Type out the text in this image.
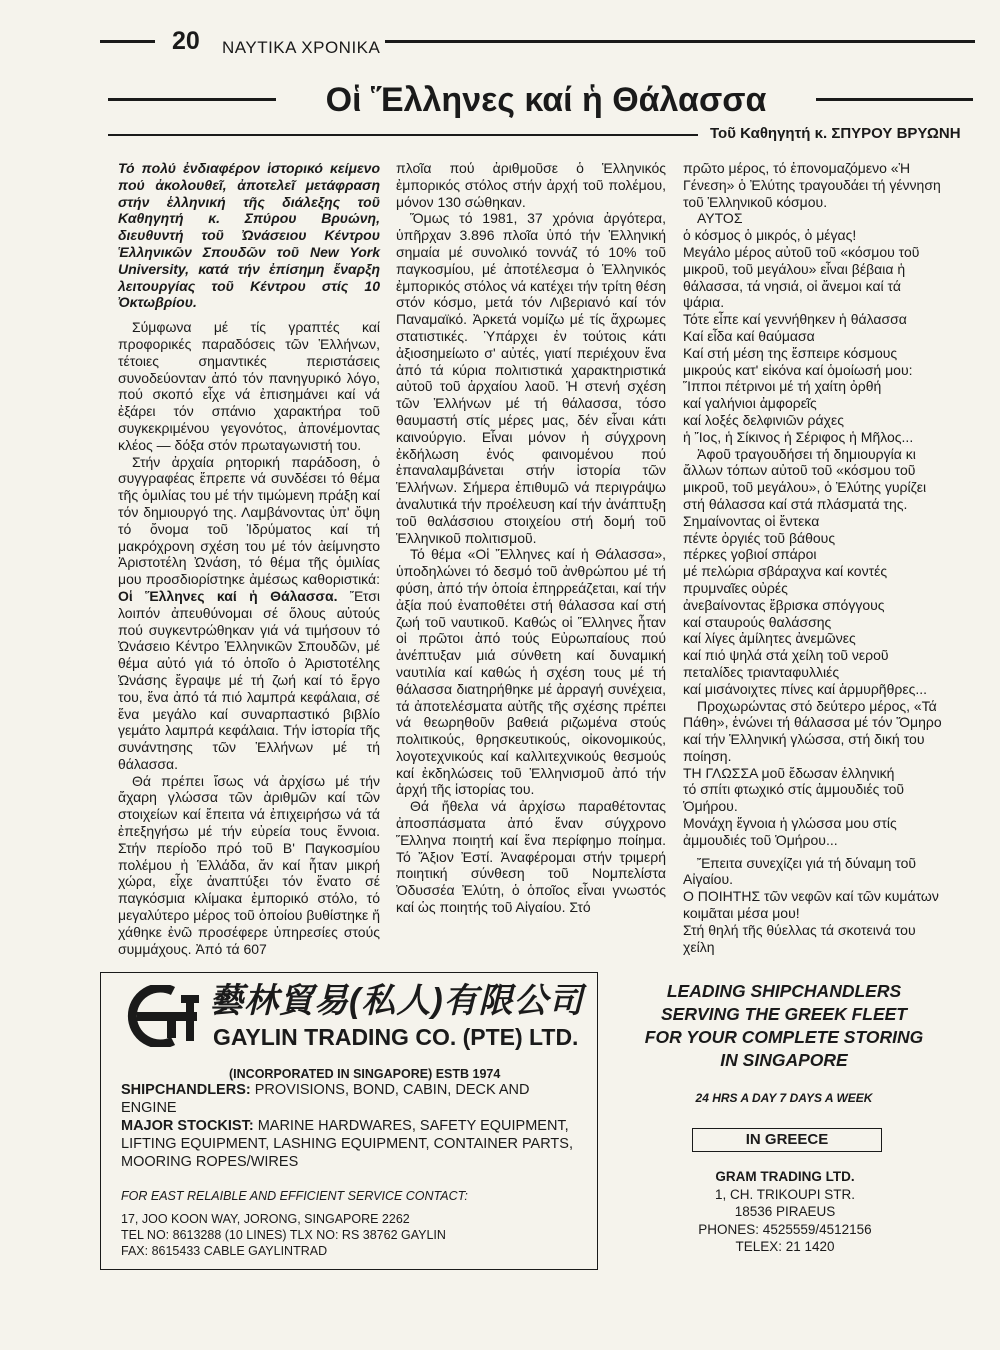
20 ΝΑΥΤΙΚΑ ΧΡΟΝΙΚΑ
Οἱ Ἕλληνες καί ἡ Θάλασσα
Τοῦ Καθηγητή κ. ΣΠΥΡΟΥ ΒΡΥΩΝΗ

Τό πολύ ἐνδιαφέρον ἱστορικό κείμενο πού ἀκολουθεῖ, ἀποτελεῖ μετάφραση στήν ἑλληνική τῆς διάλεξης τοῦ Καθηγητή κ. Σπύρου Βρυώνη, διευθυντή τοῦ Ὠνάσειου Κέντρου Ἑλληνικῶν Σπουδῶν τοῦ New York University, κατά τήν ἐπίσημη ἔναρξη λειτουργίας τοῦ Κέντρου στίς 10 Ὀκτωβρίου.

Σύμφωνα μέ τίς γραπτές καί προφορικές παραδόσεις τῶν Ἑλλήνων, τέτοιες σημαντικές περιστάσεις συνοδεύονταν ἀπό τόν πανηγυρικό λόγο, πού σκοπό εἶχε νά ἐπισημάνει καί νά ἐξάρει τόν σπάνιο χαρακτήρα τοῦ συγκεκριμένου γεγονότος, ἀπονέμοντας κλέος — δόξα στόν πρωταγωνιστή του.

Στήν ἀρχαία ρητορική παράδοση, ὁ συγγραφέας ἔπρεπε νά συνδέσει τό θέμα τῆς ὁμιλίας του μέ τήν τιμώμενη πράξη καί τόν δημιουργό της. Λαμβάνοντας ὑπ' ὄψη τό ὄνομα τοῦ Ἱδρύματος καί τή μακρόχρονη σχέση του μέ τόν ἀείμνηστο Ἀριστοτέλη Ὠνάση, τό θέμα τῆς ὁμιλίας μου προσδιορίστηκε ἀμέσως καθοριστικά: Οἱ Ἕλληνες καί ἡ Θάλασσα. Ἔτσι λοιπόν ἀπευθύνομαι σέ ὅλους αὐτούς πού συγκεντρώθηκαν γιά νά τιμήσουν τό Ὠνάσειο Κέντρο Ἑλληνικῶν Σπουδῶν, μέ θέμα αὐτό γιά τό ὁποῖο ὁ Ἀριστοτέλης Ὠνάσης ἔγραψε μέ τή ζωή καί τό ἔργο του, ἕνα ἀπό τά πιό λαμπρά κεφάλαια, σέ ἕνα μεγάλο καί συναρπαστικό βιβλίο γεμάτο λαμπρά κεφάλαια. Τήν ἱστορία τῆς συνάντησης τῶν Ἑλλήνων μέ τή θάλασσα.

Θά πρέπει ἴσως νά ἀρχίσω μέ τήν ἄχαρη γλώσσα τῶν ἀριθμῶν καί τῶν στοιχείων καί ἔπειτα νά ἐπιχειρήσω νά τά ἐπεξηγήσω μέ τήν εὐρεία τους ἔννοια. Στήν περίοδο πρό τοῦ Β' Παγκοσμίου πολέμου ἡ Ἑλλάδα, ἄν καί ἦταν μικρή χώρα, εἶχε ἀναπτύξει τόν ἔνατο σέ παγκόσμια κλίμακα ἐμπορικό στόλο, τό μεγαλύτερο μέρος τοῦ ὁποίου βυθίστηκε ἤ χάθηκε ἐνῶ προσέφερε ὑπηρεσίες στούς συμμάχους. Ἀπό τά 607

πλοῖα πού ἀριθμοῦσε ὁ Ἑλληνικός ἐμπορικός στόλος στήν ἀρχή τοῦ πολέμου, μόνον 130 σώθηκαν.

Ὅμως τό 1981, 37 χρόνια ἀργότερα, ὑπῆρχαν 3.896 πλοῖα ὑπό τήν Ἑλληνική σημαία μέ συνολικό τοννάζ τό 10% τοῦ παγκοσμίου, μέ ἀποτέλεσμα ὁ Ἑλληνικός ἐμπορικός στόλος νά κατέχει τήν τρίτη θέση στόν κόσμο, μετά τόν Λιβεριανό καί τόν Παναμαϊκό. Ἀρκετά νομίζω μέ τίς ἄχρωμες στατιστικές. Ὑπάρχει ἐν τούτοις κάτι ἀξιοσημείωτο σ' αὐτές, γιατί περιέχουν ἕνα ἀπό τά κύρια πολιτιστικά χαρακτηριστικά αὐτοῦ τοῦ ἀρχαίου λαοῦ. Ἡ στενή σχέση τῶν Ἑλλήνων μέ τή θάλασσα, τόσο θαυμαστή στίς μέρες μας, δέν εἶναι κάτι καινούργιο. Εἶναι μόνον ἡ σύγχρονη ἐκδήλωση ἑνός φαινομένου πού ἐπαναλαμβάνεται στήν ἱστορία τῶν Ἑλλήνων. Σήμερα ἐπιθυμῶ νά περιγράψω ἀναλυτικά τήν προέλευση καί τήν ἀνάπτυξη τοῦ θαλάσσιου στοιχείου στή δομή τοῦ Ἑλληνικοῦ πολιτισμοῦ.

Τό θέμα «Οἱ Ἕλληνες καί ἡ Θάλασσα», ὑποδηλώνει τό δεσμό τοῦ ἀνθρώπου μέ τή φύση, ἀπό τήν ὁποία ἐπηρρεάζεται, καί τήν ἀξία πού ἐναποθέτει στή θάλασσα καί στή ζωή τοῦ ναυτικοῦ. Καθώς οἱ Ἕλληνες ἦταν οἱ πρῶτοι ἀπό τούς Εὐρωπαίους πού ἀνέπτυξαν μιά σύνθετη καί δυναμική ναυτιλία καί καθώς ἡ σχέση τους μέ τή θάλασσα διατηρήθηκε μέ ἀρραγή συνέχεια, τά ἀποτελέσματα αὐτῆς τῆς σχέσης πρέπει νά θεωρηθοῦν βαθειά ριζωμένα στούς πολιτικούς, θρησκευτικούς, οἰκονομικούς, λογοτεχνικούς καί καλλιτεχνικούς θεσμούς καί ἐκδηλώσεις τοῦ Ἑλληνισμοῦ ἀπό τήν ἀρχή τῆς ἱστορίας του.

Θά ἤθελα νά ἀρχίσω παραθέτοντας ἀποσπάσματα ἀπό ἕναν σύγχρονο Ἕλληνα ποιητή καί ἕνα περίφημο ποίημα. Τό Ἄξιον Ἐστί. Ἀναφέρομαι στήν τριμερή ποιητική σύνθεση τοῦ Νομπελίστα Ὀδυσσέα Ἐλύτη, ὁ ὁποῖος εἶναι γνωστός καί ὡς ποιητής τοῦ Αἰγαίου. Στό

πρῶτο μέρος, τό ἐπονομαζόμενο «Ἡ Γένεση» ὁ Ἐλύτης τραγουδάει τή γέννηση τοῦ Ἑλληνικοῦ κόσμου.

ΑΥΤΟΣ
ὁ κόσμος ὁ μικρός, ὁ μέγας!
Μεγάλο μέρος αὐτοῦ τοῦ «κόσμου τοῦ μικροῦ, τοῦ μεγάλου» εἶναι βέβαια ἡ θάλασσα, τά νησιά, οἱ ἄνεμοι καί τά ψάρια.
Τότε εἶπε καί γεννήθηκεν ἡ θάλασσα
Καί εἶδα καί θαύμασα
Καί στή μέση της ἔσπειρε κόσμους μικρούς κατ' εἰκόνα καί ὁμοίωσή μου:
Ἵπποι πέτρινοι μέ τή χαίτη ὀρθή
καί γαλήνιοι ἀμφορεῖς
καί λοξές δελφινιῶν ράχες
ἡ Ἴος, ἡ Σίκινος ἡ Σέριφος ἡ Μῆλος...

Ἀφοῦ τραγουδήσει τή δημιουργία κι ἄλλων τόπων αὐτοῦ τοῦ «κόσμου τοῦ μικροῦ, τοῦ μεγάλου», ὁ Ἐλύτης γυρίζει στή θάλασσα καί στά πλάσματά της.

Σημαίνοντας οἱ ἔντεκα
πέντε ὀργιές τοῦ βάθους
πέρκες γοβιοί σπάροι
μέ πελώρια σβάραχνα καί κοντές πρυμναῖες οὐρές
ἀνεβαίνοντας ἔβρισκα σπόγγους
καί σταυρούς θαλάσσης
καί λίγες ἀμίλητες ἀνεμῶνες
καί πιό ψηλά στά χείλη τοῦ νεροῦ
πεταλίδες τριανταφυλλιές
καί μισάνοιχτες πίνες καί ἁρμυρῆθρες...

Προχωρώντας στό δεύτερο μέρος, «Τά Πάθη», ἑνώνει τή θάλασσα μέ τόν Ὅμηρο καί τήν Ἑλληνική γλώσσα, στή δική του ποίηση.

ΤΗ ΓΛΩΣΣΑ μοῦ ἔδωσαν ἑλληνική
τό σπίτι φτωχικό στίς ἀμμουδιές τοῦ Ὁμήρου.
Μονάχη ἔγνοια ἡ γλώσσα μου στίς ἀμμουδιές τοῦ Ὁμήρου...

Ἔπειτα συνεχίζει γιά τή δύναμη τοῦ Αἰγαίου.

Ο ΠΟΙΗΤΗΣ τῶν νεφῶν καί τῶν κυμάτων κοιμᾶται μέσα μου!
Στή θηλή τῆς θύελλας τά σκοτεινά του χείλη
藝林貿易(私人)有限公司
GAYLIN TRADING CO. (PTE) LTD.
(INCORPORATED IN SINGAPORE) ESTB 1974
SHIPCHANDLERS: PROVISIONS, BOND, CABIN, DECK AND ENGINE
MAJOR STOCKIST: MARINE HARDWARES, SAFETY EQUIPMENT,
LIFTING EQUIPMENT, LASHING EQUIPMENT, CONTAINER PARTS, MOORING ROPES/WIRES
FOR EAST RELAIBLE AND EFFICIENT SERVICE CONTACT:
17, JOO KOON WAY, JORONG, SINGAPORE 2262
TEL NO: 8613288 (10 LINES) TLX NO: RS 38762 GAYLIN
FAX: 8615433 CABLE GAYLINTRAD
LEADING SHIPCHANDLERS
SERVING THE GREEK FLEET
FOR YOUR COMPLETE STORING
IN SINGAPORE
24 HRS A DAY 7 DAYS A WEEK
IN GREECE
GRAM TRADING LTD.
1, CH. TRIKOUPI STR.
18536 PIRAEUS
PHONES: 4525559/4512156
TELEX: 21 1420
